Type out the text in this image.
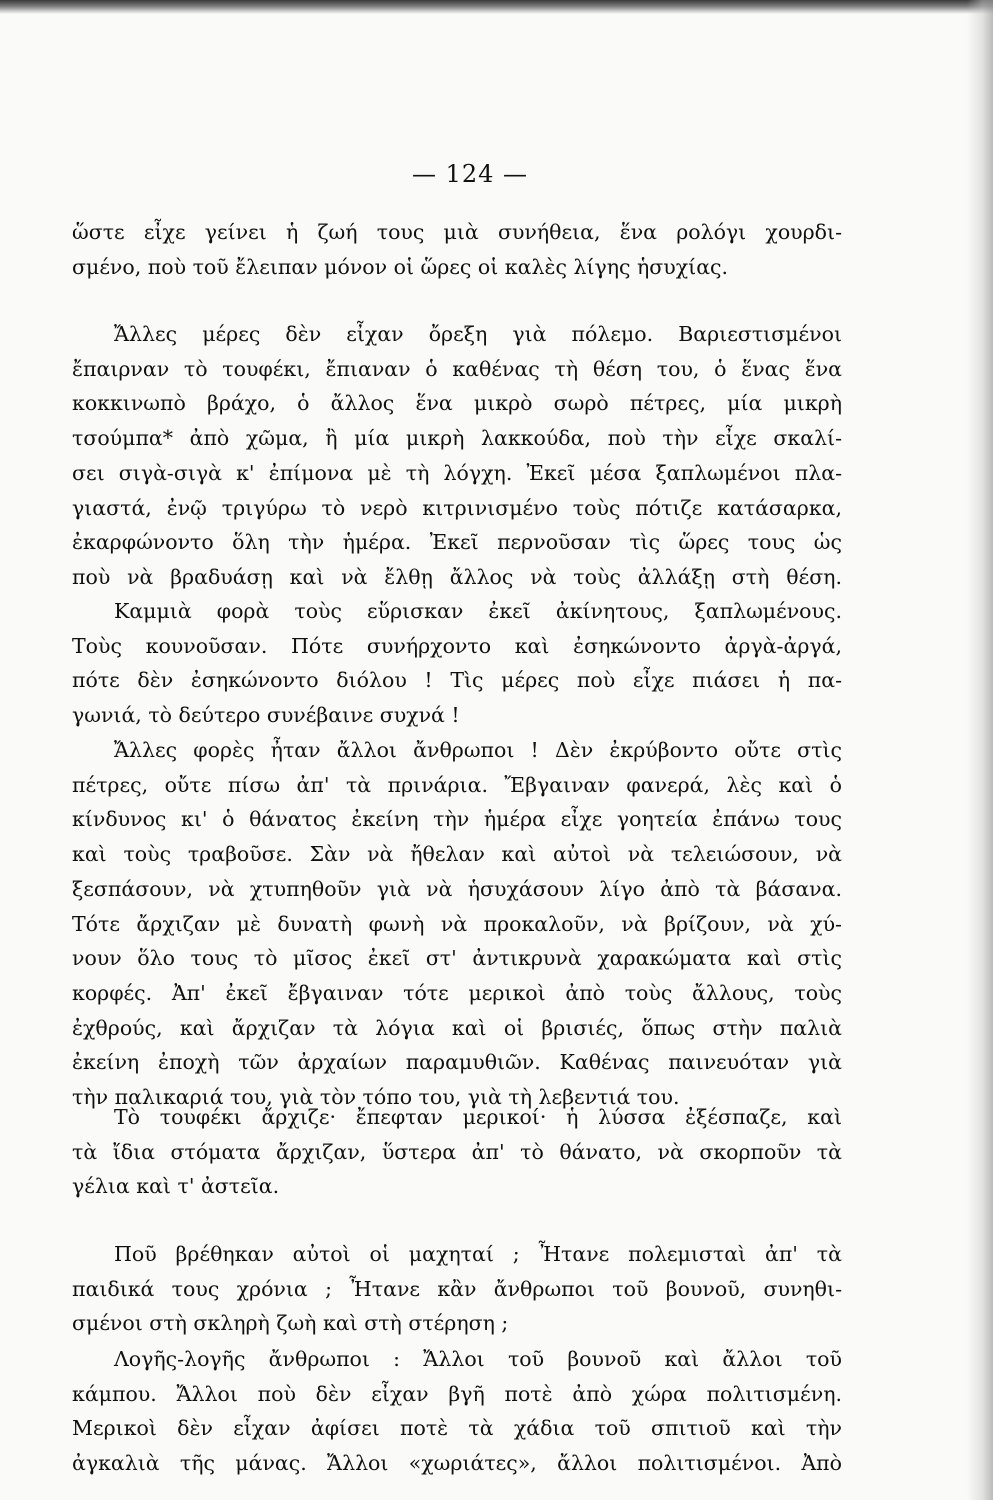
— 124 —
ὥστε εἶχε γείνει ἡ ζωή τους μιὰ συνήθεια, ἕνα ρολόγι χουρδι-
σμένο, ποὺ τοῦ ἔλειπαν μόνον οἱ ὥρες οἱ καλὲς λίγης ἡσυχίας.
Ἄλλες μέρες δὲν εἶχαν ὄρεξη γιὰ πόλεμο. Βαριεστισμένοι
ἔπαιρναν τὸ τουφέκι, ἔπιαναν ὁ καθένας τὴ θέση του, ὁ ἕνας ἕνα
κοκκινωπὸ βράχο, ὁ ἄλλος ἕνα μικρὸ σωρὸ πέτρες, μία μικρὴ
τσούμπα* ἀπὸ χῶμα, ἢ μία μικρὴ λακκούδα, ποὺ τὴν εἶχε σκαλί-
σει σιγὰ-σιγὰ κ' ἐπίμονα μὲ τὴ λόγχη. Ἐκεῖ μέσα ξαπλωμένοι πλα-
γιαστά, ἐνῷ τριγύρω τὸ νερὸ κιτρινισμένο τοὺς πότιζε κατάσαρκα,
ἐκαρφώνοντο ὅλη τὴν ἡμέρα. Ἐκεῖ περνοῦσαν τὶς ὥρες τους ὡς
ποὺ νὰ βραδυάσῃ καὶ νὰ ἔλθῃ ἄλλος νὰ τοὺς ἀλλάξῃ στὴ θέση.
Καμμιὰ φορὰ τοὺς εὕρισκαν ἐκεῖ ἀκίνητους, ξαπλωμένους.
Τοὺς κουνοῦσαν. Πότε συνήρχοντο καὶ ἐσηκώνοντο ἀργὰ-ἀργά,
πότε δὲν ἐσηκώνοντο διόλου ! Τὶς μέρες ποὺ εἶχε πιάσει ἡ πα-
γωνιά, τὸ δεύτερο συνέβαινε συχνά !
Ἄλλες φορὲς ἦταν ἄλλοι ἄνθρωποι ! Δὲν ἐκρύβοντο οὔτε στὶς
πέτρες, οὔτε πίσω ἀπ' τὰ πρινάρια. Ἔβγαιναν φανερά, λὲς καὶ ὁ
κίνδυνος κι' ὁ θάνατος ἐκείνη τὴν ἡμέρα εἶχε γοητεία ἐπάνω τους
καὶ τοὺς τραβοῦσε. Σὰν νὰ ἤθελαν καὶ αὐτοὶ νὰ τελειώσουν, νὰ
ξεσπάσουν, νὰ χτυπηθοῦν γιὰ νὰ ἡσυχάσουν λίγο ἀπὸ τὰ βάσανα.
Τότε ἄρχιζαν μὲ δυνατὴ φωνὴ νὰ προκαλοῦν, νὰ βρίζουν, νὰ χύ-
νουν ὅλο τους τὸ μῖσος ἐκεῖ στ' ἀντικρυνὰ χαρακώματα καὶ στὶς
κορφές. Ἀπ' ἐκεῖ ἔβγαιναν τότε μερικοὶ ἀπὸ τοὺς ἄλλους, τοὺς
ἐχθρούς, καὶ ἄρχιζαν τὰ λόγια καὶ οἱ βρισιές, ὅπως στὴν παλιὰ
ἐκείνη ἐποχὴ τῶν ἀρχαίων παραμυθιῶν. Καθένας παινευόταν γιὰ
τὴν παλικαριά του, γιὰ τὸν τόπο του, γιὰ τὴ λεβεντιά του.
Τὸ τουφέκι ἄρχιζε· ἔπεφταν μερικοί· ἡ λύσσα ἐξέσπαζε, καὶ
τὰ ἴδια στόματα ἄρχιζαν, ὕστερα ἀπ' τὸ θάνατο, νὰ σκορποῦν τὰ
γέλια καὶ τ' ἀστεῖα.
Ποῦ βρέθηκαν αὐτοὶ οἱ μαχηταί ; Ἦτανε πολεμισταὶ ἀπ' τὰ
παιδικά τους χρόνια ; Ἦτανε κἂν ἄνθρωποι τοῦ βουνοῦ, συνηθι-
σμένοι στὴ σκληρὴ ζωὴ καὶ στὴ στέρηση ;
Λογῆς-λογῆς ἄνθρωποι : Ἄλλοι τοῦ βουνοῦ καὶ ἄλλοι τοῦ
κάμπου. Ἄλλοι ποὺ δὲν εἶχαν βγῆ ποτὲ ἀπὸ χώρα πολιτισμένη.
Μερικοὶ δὲν εἶχαν ἀφίσει ποτὲ τὰ χάδια τοῦ σπιτιοῦ καὶ τὴν
ἀγκαλιὰ τῆς μάνας. Ἄλλοι «χωριάτες», ἄλλοι πολιτισμένοι. Ἀπὸ
